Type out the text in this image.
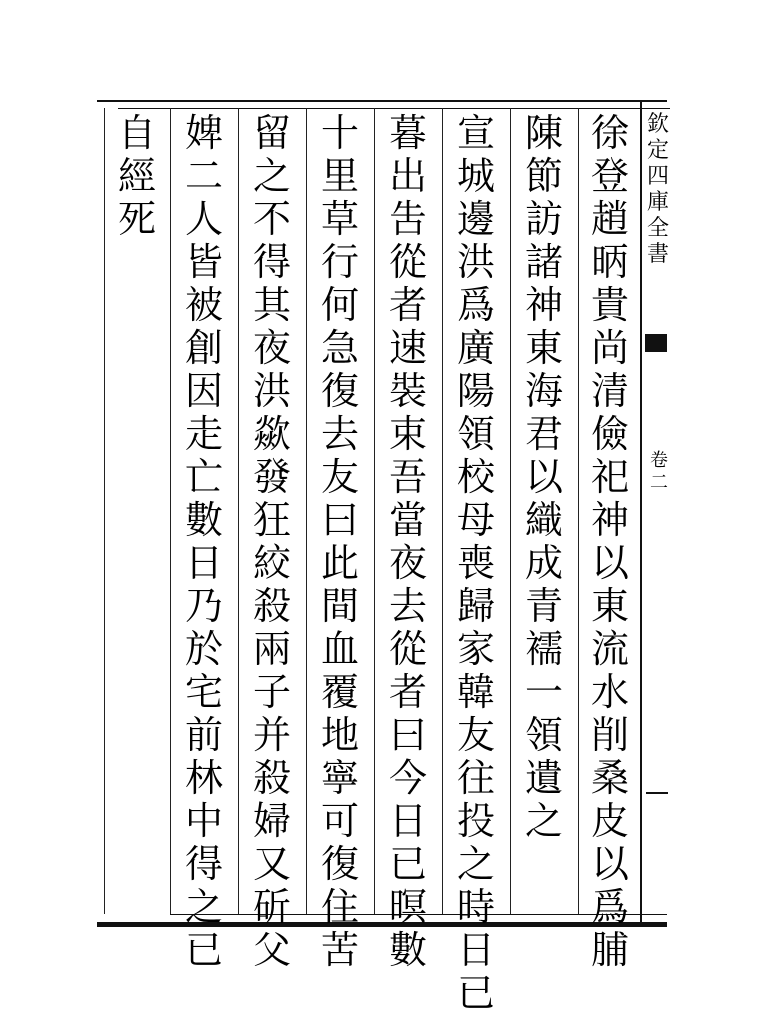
徐
登
趙
昞
貴
尚
清
儉
祀
神
以
東
流
水
削
桑
皮
以
爲
脯
陳
節
訪
諸
神
東
海
君
以
織
成
青
襦
一
領
遺
之
宣
城
邊
洪
爲
廣
陽
領
校
母
喪
歸
家
韓
友
往
投
之
時
日
已
暮
出
吿
從
者
速
裝
束
吾
當
夜
去
從
者
曰
今
日
已
暝
數
十
里
草
行
何
急
復
去
友
曰
此
間
血
覆
地
寧
可
復
住
苦
留
之
不
得
其
夜
洪
歘
發
狂
絞
殺
兩
子
并
殺
婦
又
斫
父
婢
二
人
皆
被
創
因
走
亡
數
日
乃
於
宅
前
林
中
得
之
已
自
經
死
欽
定
四
庫
全
書
卷
二
